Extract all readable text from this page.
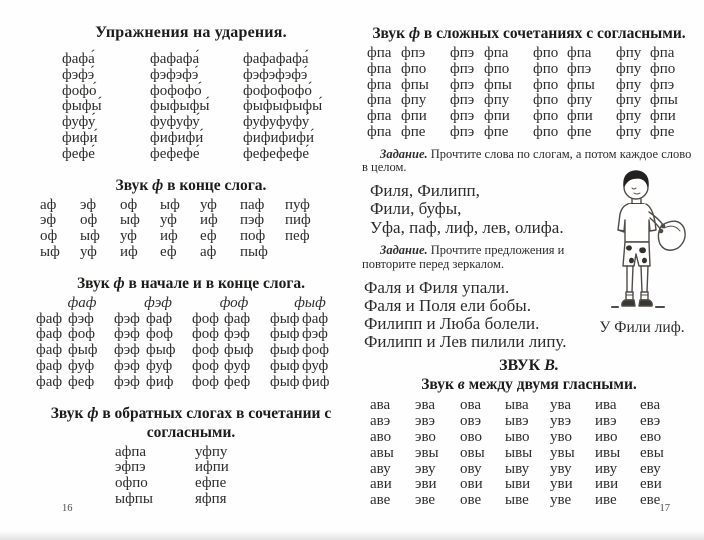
Упражнения на ударения.
фафа́	фафафа́	фафафафа́
фэфэ́	фэфэфэ́	фэфэфэфэ́
фофо́	фофофо́	фофофофо́
фыфы́	фыфыфы́	фыфыфыфы́
фуфу́	фуфуфу́	фуфуфуфу́
фифи́	фифифи́	фифифифи́
фефе́	фефефе́	фефефефе́
Звук ф в конце слога.
аф	эф	оф	ыф	уф	паф	пуф
эф	оф	ыф	уф	иф	пэф	пиф
оф	ыф	уф	иф	еф	поф	пеф
ыф	уф	иф	еф	аф	пыф	
Звук ф в начале и в конце слога.
фаф	фэф	фоф	фыф
фаф	фэф	фэф	фаф	фоф	фаф	фыф	фаф
фаф	фоф	фэф	фоф	фоф	фэф	фыф	фэф
фаф	фыф	фэф	фыф	фоф	фыф	фыф	фоф
фаф	фуф	фэф	фуф	фоф	фуф	фыф	фуф
фаф	феф	фэф	фиф	фоф	феф	фыф	фиф
Звук ф в обратных слогах в сочетании с согласными.
афпа	уфпу
эфпэ	ифпи
офпо	ефпе
ыфпы	яфпя
16
Звук ф в сложных сочетаниях с согласными.
фпа	фпэ	фпэ	фпа	фпо	фпа	фпу	фпа
фпа	фпо	фпэ	фпо	фпо	фпэ	фпу	фпо
фпа	фпы	фпэ	фпы	фпо	фпы	фпу	фпэ
фпа	фпу	фпэ	фпу	фпо	фпу	фпу	фпы
фпа	фпи	фпэ	фпи	фпо	фпи	фпу	фпи
фпа	фпе	фпэ	фпе	фпо	фпе	фпу	фпе

Задание. Прочтите слова по слогам, а потом каждое слово в целом.

Филя, Филипп,
Фили, буфы,
Уфа, паф, лиф, лев, олифа.

Задание. Прочтите предложения и повторите перед зеркалом.

Фаля и Филя упали.
Фаля и Поля ели бобы.
Филипп и Люба болели.
Филипп и Лев пилили липу.
У Фили лиф.
ЗВУК В.
Звук в между двумя гласными.
ава	эва	ова	ыва	ува	ива	ева
авэ	эвэ	овэ	ывэ	увэ	ивэ	евэ
аво	эво	ово	ыво	уво	иво	ево
авы	эвы	овы	ывы	увы	ивы	евы
аву	эву	ову	ыву	уву	иву	еву
ави	эви	ови	ыви	уви	иви	еви
аве	эве	ове	ыве	уве	иве	еве
17
